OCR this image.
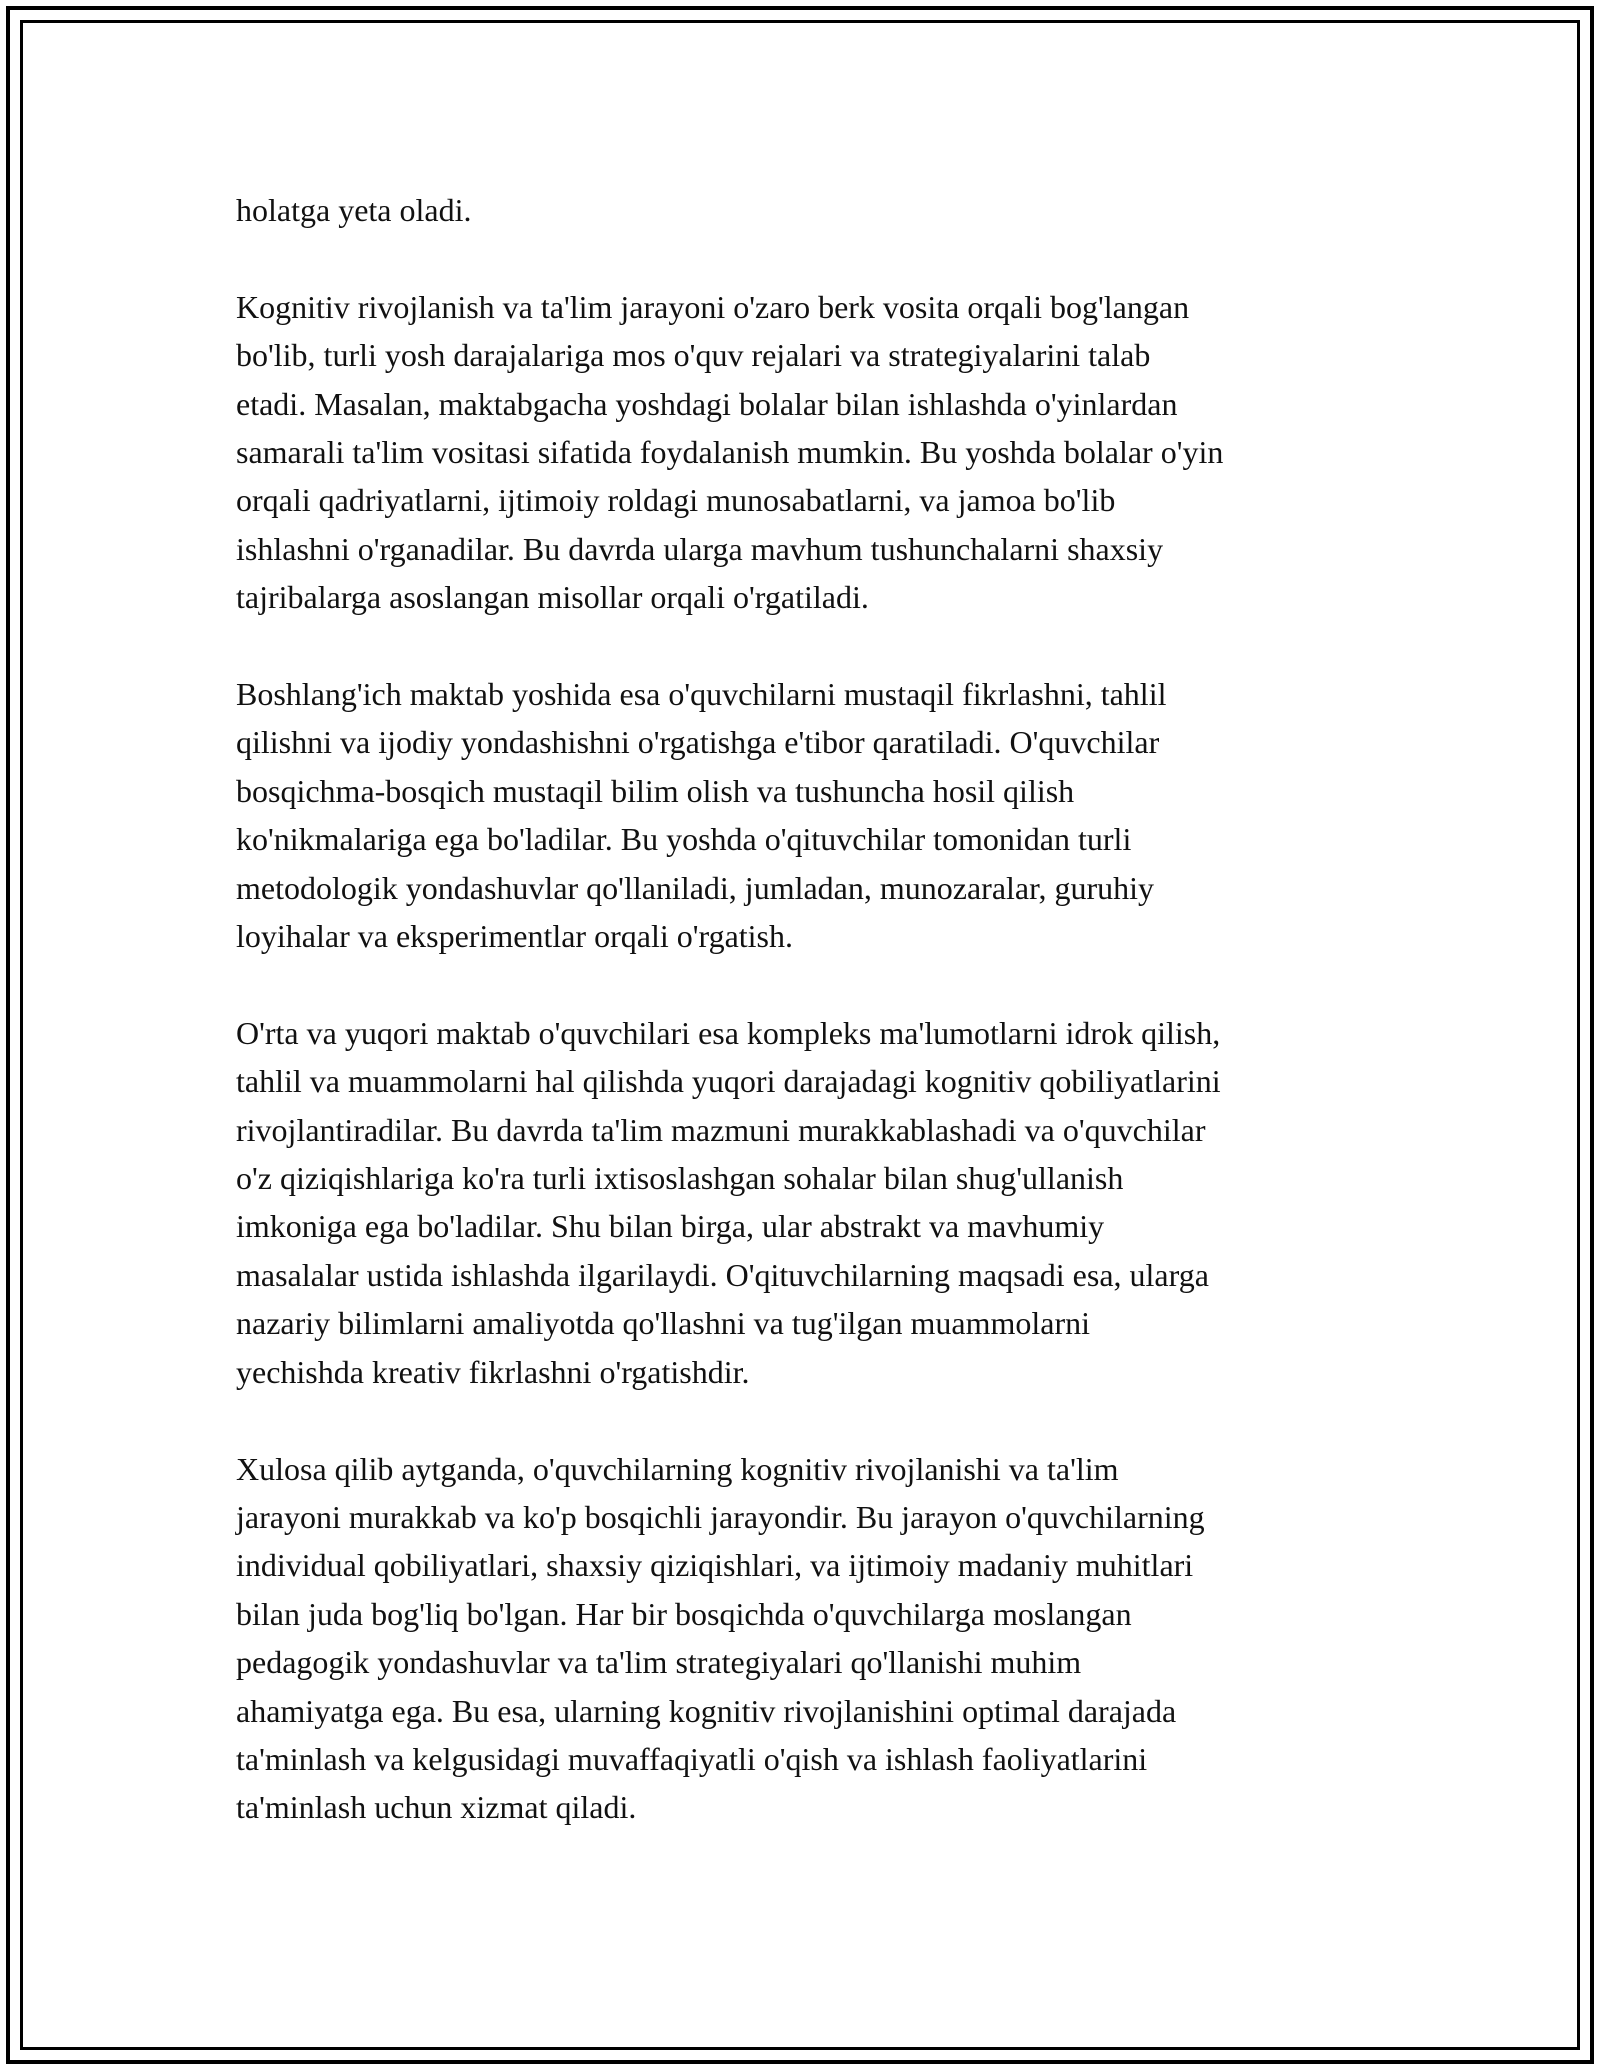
holatga yeta oladi.

Kognitiv rivojlanish va ta'lim jarayoni o'zaro berk vosita orqali bog'langan
bo'lib, turli yosh darajalariga mos o'quv rejalari va strategiyalarini talab
etadi. Masalan, maktabgacha yoshdagi bolalar bilan ishlashda o'yinlardan
samarali ta'lim vositasi sifatida foydalanish mumkin. Bu yoshda bolalar o'yin
orqali qadriyatlarni, ijtimoiy roldagi munosabatlarni, va jamoa bo'lib
ishlashni o'rganadilar. Bu davrda ularga mavhum tushunchalarni shaxsiy
tajribalarga asoslangan misollar orqali o'rgatiladi.

Boshlang'ich maktab yoshida esa o'quvchilarni mustaqil fikrlashni, tahlil
qilishni va ijodiy yondashishni o'rgatishga e'tibor qaratiladi. O'quvchilar
bosqichma-bosqich mustaqil bilim olish va tushuncha hosil qilish
ko'nikmalariga ega bo'ladilar. Bu yoshda o'qituvchilar tomonidan turli
metodologik yondashuvlar qo'llaniladi, jumladan, munozaralar, guruhiy
loyihalar va eksperimentlar orqali o'rgatish.

O'rta va yuqori maktab o'quvchilari esa kompleks ma'lumotlarni idrok qilish,
tahlil va muammolarni hal qilishda yuqori darajadagi kognitiv qobiliyatlarini
rivojlantiradilar. Bu davrda ta'lim mazmuni murakkablashadi va o'quvchilar
o'z qiziqishlariga ko'ra turli ixtisoslashgan sohalar bilan shug'ullanish
imkoniga ega bo'ladilar. Shu bilan birga, ular abstrakt va mavhumiy
masalalar ustida ishlashda ilgarilaydi. O'qituvchilarning maqsadi esa, ularga
nazariy bilimlarni amaliyotda qo'llashni va tug'ilgan muammolarni
yechishda kreativ fikrlashni o'rgatishdir.

Xulosa qilib aytganda, o'quvchilarning kognitiv rivojlanishi va ta'lim
jarayoni murakkab va ko'p bosqichli jarayondir. Bu jarayon o'quvchilarning
individual qobiliyatlari, shaxsiy qiziqishlari, va ijtimoiy madaniy muhitlari
bilan juda bog'liq bo'lgan. Har bir bosqichda o'quvchilarga moslangan
pedagogik yondashuvlar va ta'lim strategiyalari qo'llanishi muhim
ahamiyatga ega. Bu esa, ularning kognitiv rivojlanishini optimal darajada
ta'minlash va kelgusidagi muvaffaqiyatli o'qish va ishlash faoliyatlarini
ta'minlash uchun xizmat qiladi.
